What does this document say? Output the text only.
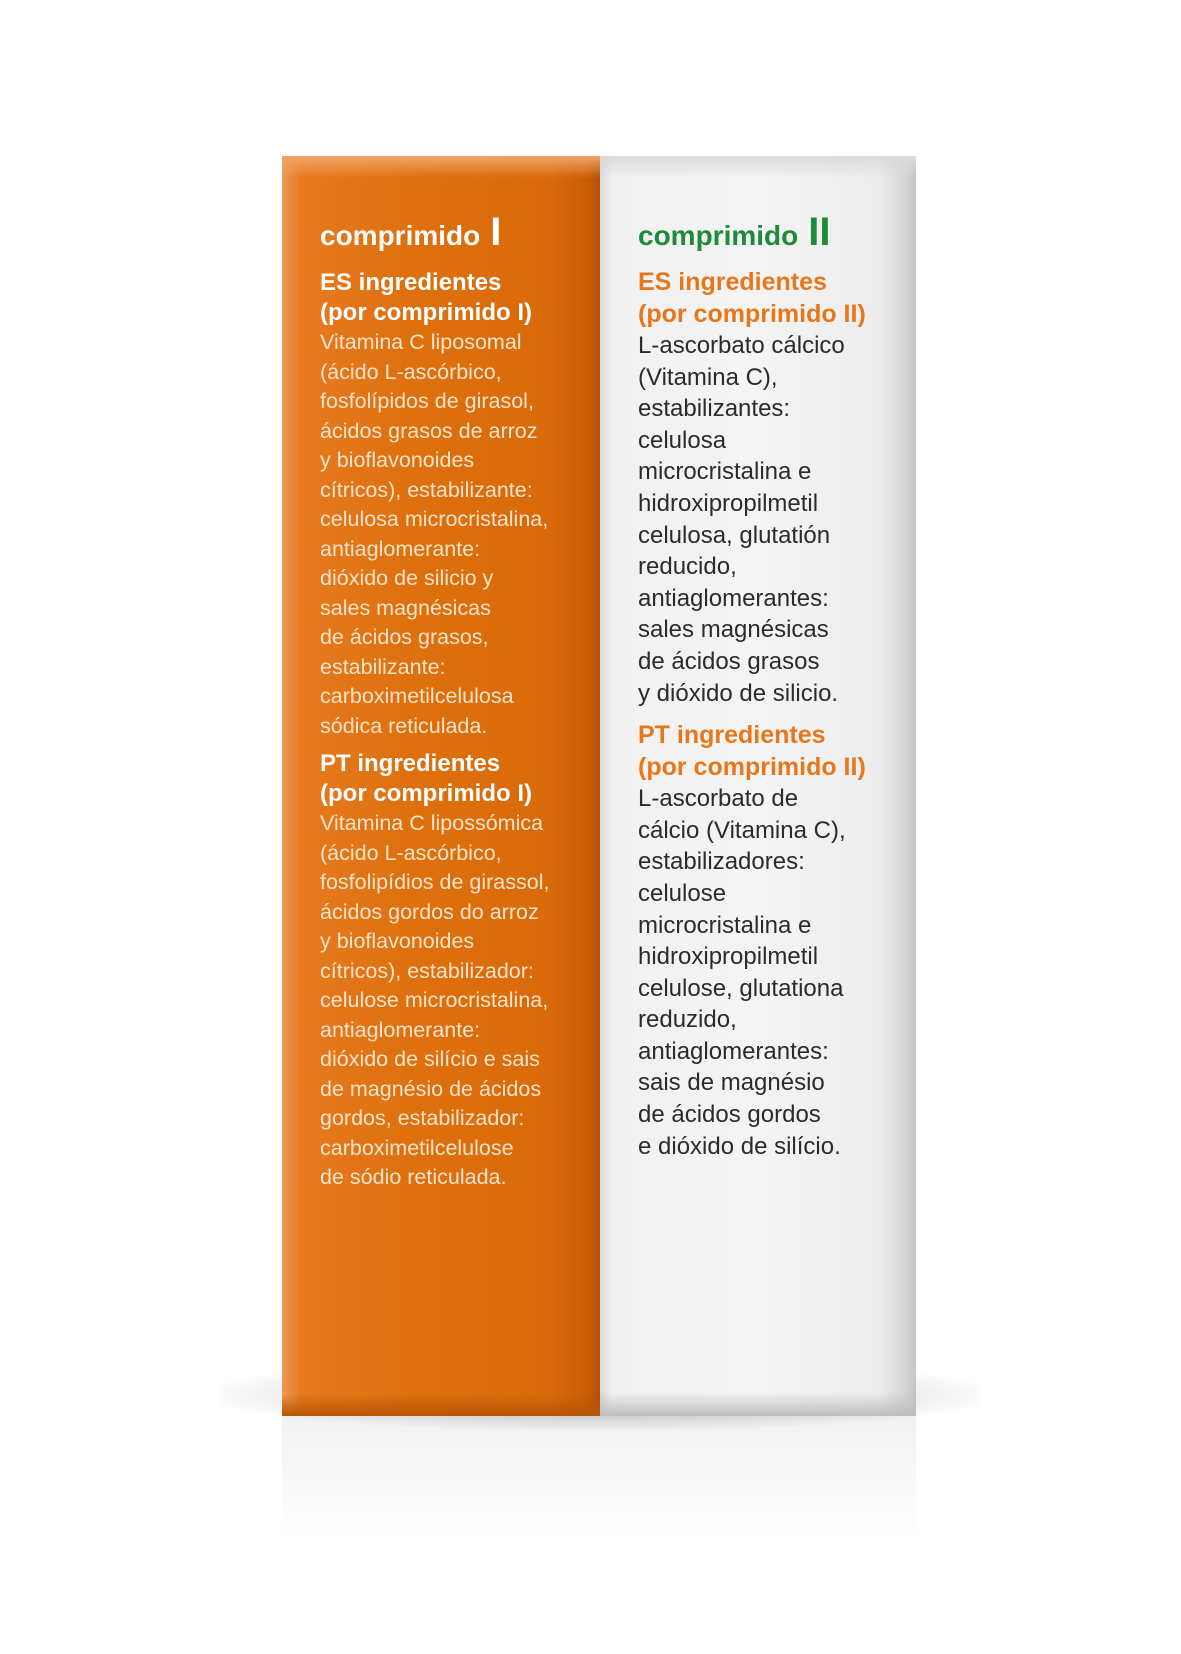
comprimido I
ES ingredientes
(por comprimido I)
Vitamina C liposomal
(ácido L-ascórbico,
fosfolípidos de girasol,
ácidos grasos de arroz
y bioflavonoides
cítricos), estabilizante:
celulosa microcristalina,
antiaglomerante:
dióxido de silicio y
sales magnésicas
de ácidos grasos,
estabilizante:
carboximetilcelulosa
sódica reticulada.
PT ingredientes
(por comprimido I)
Vitamina C lipossómica
(ácido L-ascórbico,
fosfolipídios de girassol,
ácidos gordos do arroz
y bioflavonoides
cítricos), estabilizador:
celulose microcristalina,
antiaglomerante:
dióxido de silício e sais
de magnésio de ácidos
gordos, estabilizador:
carboximetilcelulose
de sódio reticulada.
comprimido II
ES ingredientes
(por comprimido II)
L-ascorbato cálcico
(Vitamina C),
estabilizantes:
celulosa
microcristalina e
hidroxipropilmetil
celulosa, glutatión
reducido,
antiaglomerantes:
sales magnésicas
de ácidos grasos
y dióxido de silicio.
PT ingredientes
(por comprimido II)
L-ascorbato de
cálcio (Vitamina C),
estabilizadores:
celulose
microcristalina e
hidroxipropilmetil
celulose, glutationa
reduzido,
antiaglomerantes:
sais de magnésio
de ácidos gordos
e dióxido de silício.
